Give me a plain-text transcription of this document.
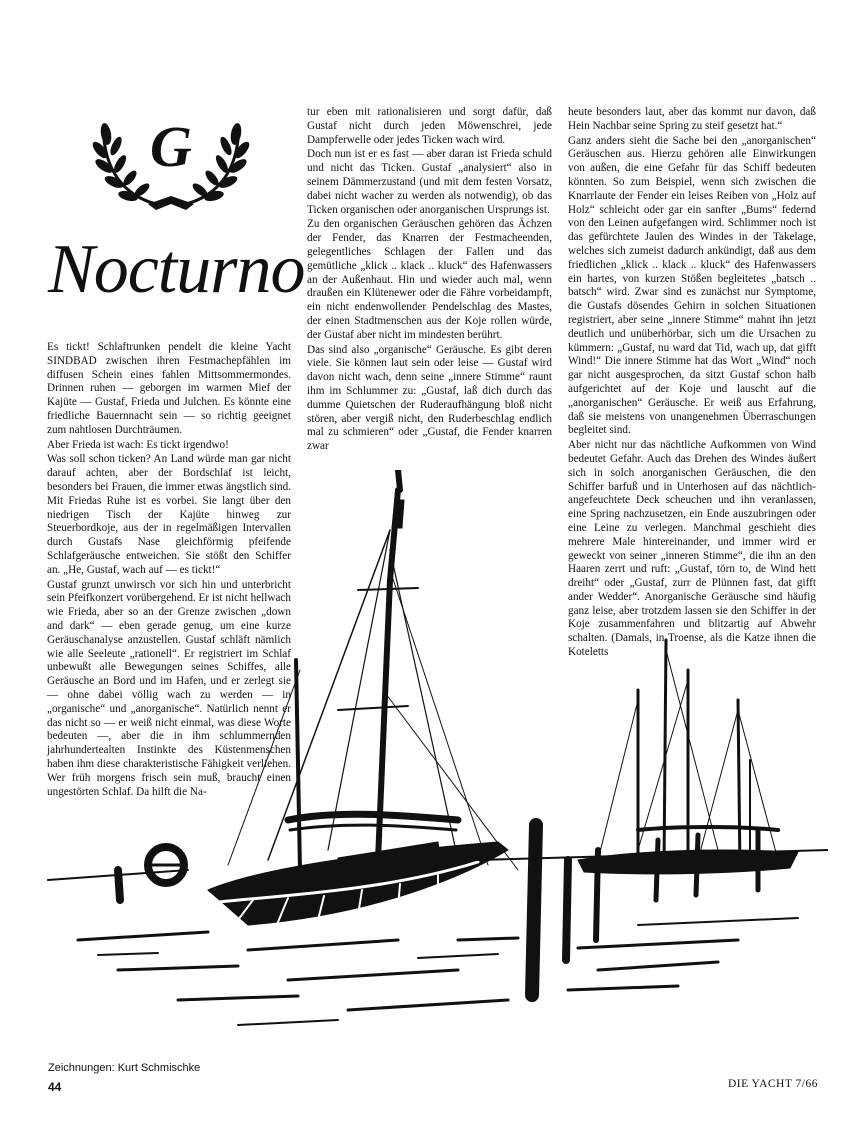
G
Nocturno

Es tickt! Schlaftrunken pendelt die kleine Yacht SINDBAD zwischen ihren Festmachepfählen im diffusen Schein eines fahlen Mittsommermondes. Drinnen ruhen — geborgen im warmen Mief der Kajüte — Gustaf, Frieda und Julchen. Es könnte eine friedliche Bauernnacht sein — so richtig geeignet zum nahtlosen Durchträumen.

Aber Frieda ist wach: Es tickt irgendwo!

Was soll schon ticken? An Land würde man gar nicht darauf achten, aber der Bordschlaf ist leicht, besonders bei Frauen, die immer etwas ängstlich sind. Mit Friedas Ruhe ist es vorbei. Sie langt über den niedrigen Tisch der Kajüte hinweg zur Steuerbordkoje, aus der in regelmäßigen Intervallen durch Gustafs Nase gleichförmig pfeifende Schlafgeräusche entweichen. Sie stößt den Schiffer an. „He, Gustaf, wach auf — es tickt!“

Gustaf grunzt unwirsch vor sich hin und unterbricht sein Pfeifkonzert vorübergehend. Er ist nicht hellwach wie Frieda, aber so an der Grenze zwischen „down and dark“ — eben gerade genug, um eine kurze Geräuschanalyse anzustellen. Gustaf schläft nämlich wie alle Seeleute „rationell“. Er registriert im Schlaf unbewußt alle Bewegungen seines Schiffes, alle Geräusche an Bord und im Hafen, und er zerlegt sie — ohne dabei völlig wach zu werden — in „organische“ und „anorganische“. Natürlich nennt er das nicht so — er weiß nicht einmal, was diese Worte bedeuten —, aber die in ihm schlummernden jahrhundertealten Instinkte des Küstenmenschen haben ihm diese charakteristische Fähigkeit verliehen. Wer früh morgens frisch sein muß, braucht einen ungestörten Schlaf. Da hilft die Na-

tur eben mit rationalisieren und sorgt dafür, daß Gustaf nicht durch jeden Möwenschrei, jede Dampferwelle oder jedes Ticken wach wird.

Doch nun ist er es fast — aber daran ist Frieda schuld und nicht das Ticken. Gustaf „analysiert“ also in seinem Dämmerzustand (und mit dem festen Vorsatz, dabei nicht wacher zu werden als notwendig), ob das Ticken organischen oder anorganischen Ursprungs ist.

Zu den organischen Geräuschen gehören das Ächzen der Fender, das Knarren der Festmacheenden, gelegentliches Schlagen der Fallen und das gemütliche „klick .. klack .. kluck“ des Hafenwassers an der Außenhaut. Hin und wieder auch mal, wenn draußen ein Klütenewer oder die Fähre vorbeidampft, ein nicht endenwollender Pendelschlag des Mastes, der einen Stadtmenschen aus der Koje rollen würde, der Gustaf aber nicht im mindesten berührt.

Das sind also „organische“ Geräusche. Es gibt deren viele. Sie können laut sein oder leise — Gustaf wird davon nicht wach, denn seine „innere Stimme“ raunt ihm im Schlummer zu: „Gustaf, laß dich durch das dumme Quietschen der Ruderaufhängung bloß nicht stören, aber vergiß nicht, den Ruderbeschlag endlich mal zu schmieren“ oder „Gustaf, die Fender knarren zwar

heute besonders laut, aber das kommt nur davon, daß Hein Nachbar seine Spring zu steif gesetzt hat.“

Ganz anders sieht die Sache bei den „anorganischen“ Geräuschen aus. Hierzu gehören alle Einwirkungen von außen, die eine Gefahr für das Schiff bedeuten könnten. So zum Beispiel, wenn sich zwischen die Knarrlaute der Fender ein leises Reiben von „Holz auf Holz“ schleicht oder gar ein sanfter „Bums“ federnd von den Leinen aufgefangen wird. Schlimmer noch ist das gefürchtete Jaulen des Windes in der Takelage, welches sich zumeist dadurch ankündigt, daß aus dem friedlichen „klick .. klack .. kluck“ des Hafenwassers ein hartes, von kurzen Stößen begleitetes „batsch .. batsch“ wird. Zwar sind es zunächst nur Symptome, die Gustafs dösendes Gehirn in solchen Situationen registriert, aber seine „innere Stimme“ mahnt ihn jetzt deutlich und unüberhörbar, sich um die Ursachen zu kümmern: „Gustaf, nu ward dat Tid, wach up, dat gifft Wind!“ Die innere Stimme hat das Wort „Wind“ noch gar nicht ausgesprochen, da sitzt Gustaf schon halb aufgerichtet auf der Koje und lauscht auf die „anorganischen“ Geräusche. Er weiß aus Erfahrung, daß sie meistens von unangenehmen Überraschungen begleitet sind.

Aber nicht nur das nächtliche Aufkommen von Wind bedeutet Gefahr. Auch das Drehen des Windes äußert sich in solch anorganischen Geräuschen, die den Schiffer barfuß und in Unterhosen auf das nächtlich-angefeuchtete Deck scheuchen und ihn veranlassen, eine Spring nachzusetzen, ein Ende auszubringen oder eine Leine zu verlegen. Manchmal geschieht dies mehrere Male hintereinander, und immer wird er geweckt von seiner „inneren Stimme“, die ihn an den Haaren zerrt und ruft: „Gustaf, törn to, de Wind hett dreiht“ oder „Gustaf, zurr de Plünnen fast, dat gifft ander Wedder“. Anorganische Geräusche sind häufig ganz leise, aber trotzdem lassen sie den Schiffer in der Koje zusammenfahren und blitzartig auf Abwehr schalten. (Damals, in Troense, als die Katze ihnen die Koteletts

Zeichnungen: Kurt Schmischke
44	DIE YACHT 7/66
